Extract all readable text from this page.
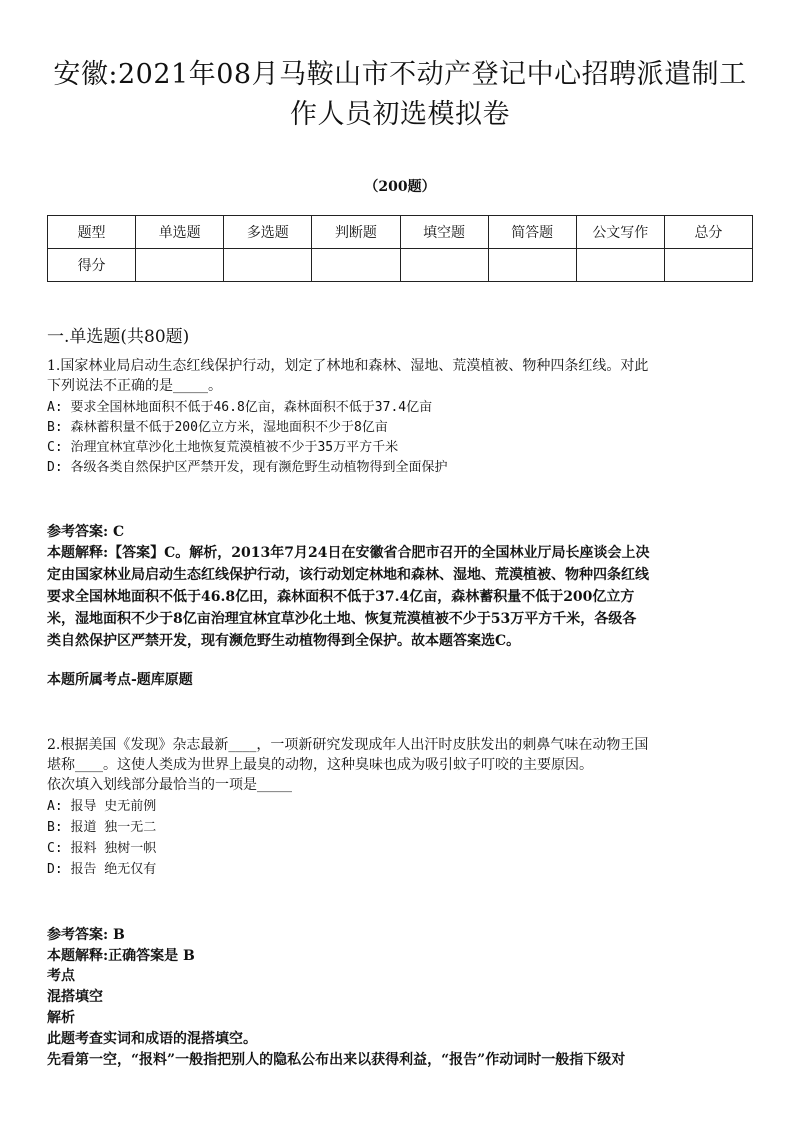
安徽:2021年08月马鞍山市不动产登记中心招聘派遣制工
作人员初选模拟卷
（200题）
题型	单选题	多选题	判断题	填空题	简答题	公文写作	总分
得分							
一.单选题(共80题)
1.国家林业局启动生态红线保护行动，划定了林地和森林、湿地、荒漠植被、物种四条红线。对此
下列说法不正确的是_____。
A: 要求全国林地面积不低于46.8亿亩，森林面积不低于37.4亿亩
B: 森林蓄积量不低于200亿立方米，湿地面积不少于8亿亩
C: 治理宜林宜草沙化土地恢复荒漠植被不少于35万平方千米
D: 各级各类自然保护区严禁开发，现有濒危野生动植物得到全面保护
参考答案: C
本题解释:【答案】C。解析，2013年7月24日在安徽省合肥市召开的全国林业厅局长座谈会上决
定由国家林业局启动生态红线保护行动，该行动划定林地和森林、湿地、荒漠植被、物种四条红线
要求全国林地面积不低于46.8亿田，森林面积不低于37.4亿亩，森林蓄积量不低于200亿立方
米，湿地面积不少于8亿亩治理宜林宜草沙化土地、恢复荒漠植被不少于53万平方千米，各级各
类自然保护区严禁开发，现有濒危野生动植物得到全保护。故本题答案选C。
本题所属考点-题库原题
2.根据美国《发现》杂志最新____，一项新研究发现成年人出汗时皮肤发出的刺鼻气味在动物王国
堪称____。这使人类成为世界上最臭的动物，这种臭味也成为吸引蚊子叮咬的主要原因。
依次填入划线部分最恰当的一项是_____
A: 报导 史无前例
B: 报道 独一无二
C: 报料 独树一帜
D: 报告 绝无仅有
参考答案: B
本题解释:正确答案是 B
考点
混搭填空
解析
此题考查实词和成语的混搭填空。
先看第一空，“报料”一般指把别人的隐私公布出来以获得利益，“报告”作动词时一般指下级对
